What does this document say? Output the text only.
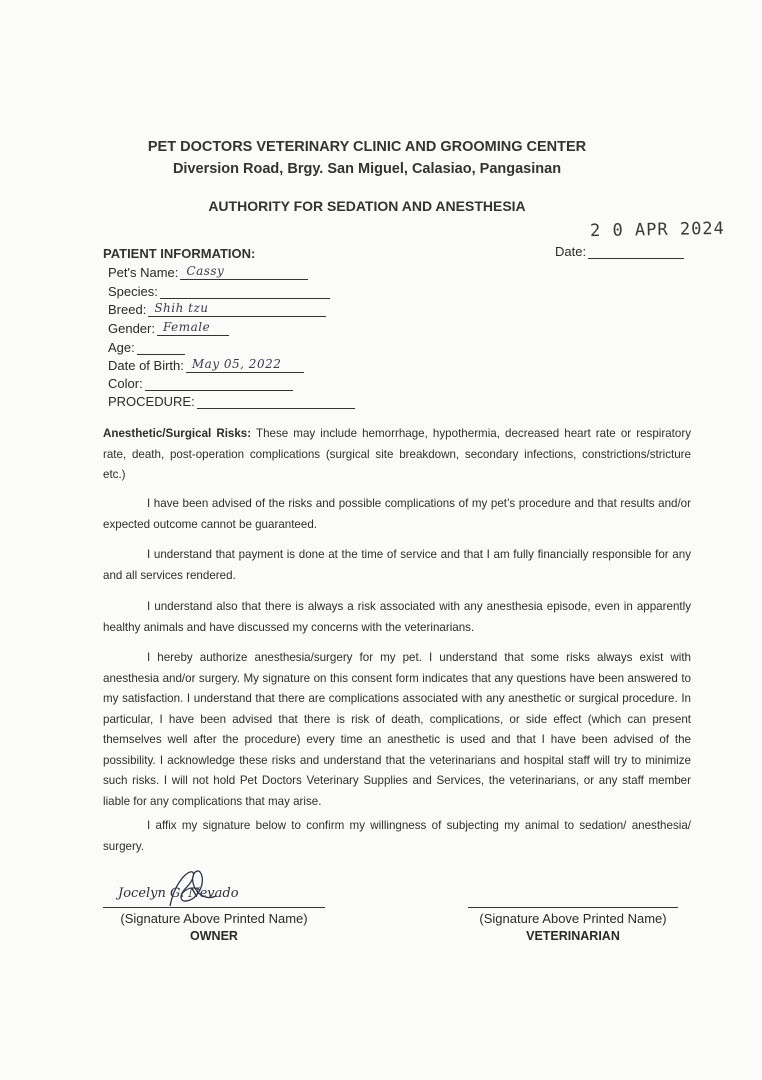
PET DOCTORS VETERINARY CLINIC AND GROOMING CENTER
Diversion Road, Brgy. San Miguel, Calasiao, Pangasinan
AUTHORITY FOR SEDATION AND ANESTHESIA
2 0 APR 2024
Date:
PATIENT INFORMATION:
Pet's Name: Cassy
Species:
Breed: Shih tzu
Gender: Female
Age:
Date of Birth: May 05, 2022
Color:
PROCEDURE:
Anesthetic/Surgical Risks: These may include hemorrhage, hypothermia, decreased heart rate or respiratory rate, death, post-operation complications (surgical site breakdown, secondary infections, constrictions/stricture etc.)
I have been advised of the risks and possible complications of my pet’s procedure and that results and/or expected outcome cannot be guaranteed.
I understand that payment is done at the time of service and that I am fully financially responsible for any and all services rendered.
I understand also that there is always a risk associated with any anesthesia episode, even in apparently healthy animals and have discussed my concerns with the veterinarians.
I hereby authorize anesthesia/surgery for my pet. I understand that some risks always exist with anesthesia and/or surgery. My signature on this consent form indicates that any questions have been answered to my satisfaction. I understand that there are complications associated with any anesthetic or surgical procedure. In particular, I have been advised that there is risk of death, complications, or side effect (which can present themselves well after the procedure) every time an anesthetic is used and that I have been advised of the possibility. I acknowledge these risks and understand that the veterinarians and hospital staff will try to minimize such risks. I will not hold Pet Doctors Veterinary Supplies and Services, the veterinarians, or any staff member liable for any complications that may arise.
I affix my signature below to confirm my willingness of subjecting my animal to sedation/ anesthesia/ surgery.
Jocelyn G. Nevado
(Signature Above Printed Name)
OWNER
(Signature Above Printed Name)
VETERINARIAN
